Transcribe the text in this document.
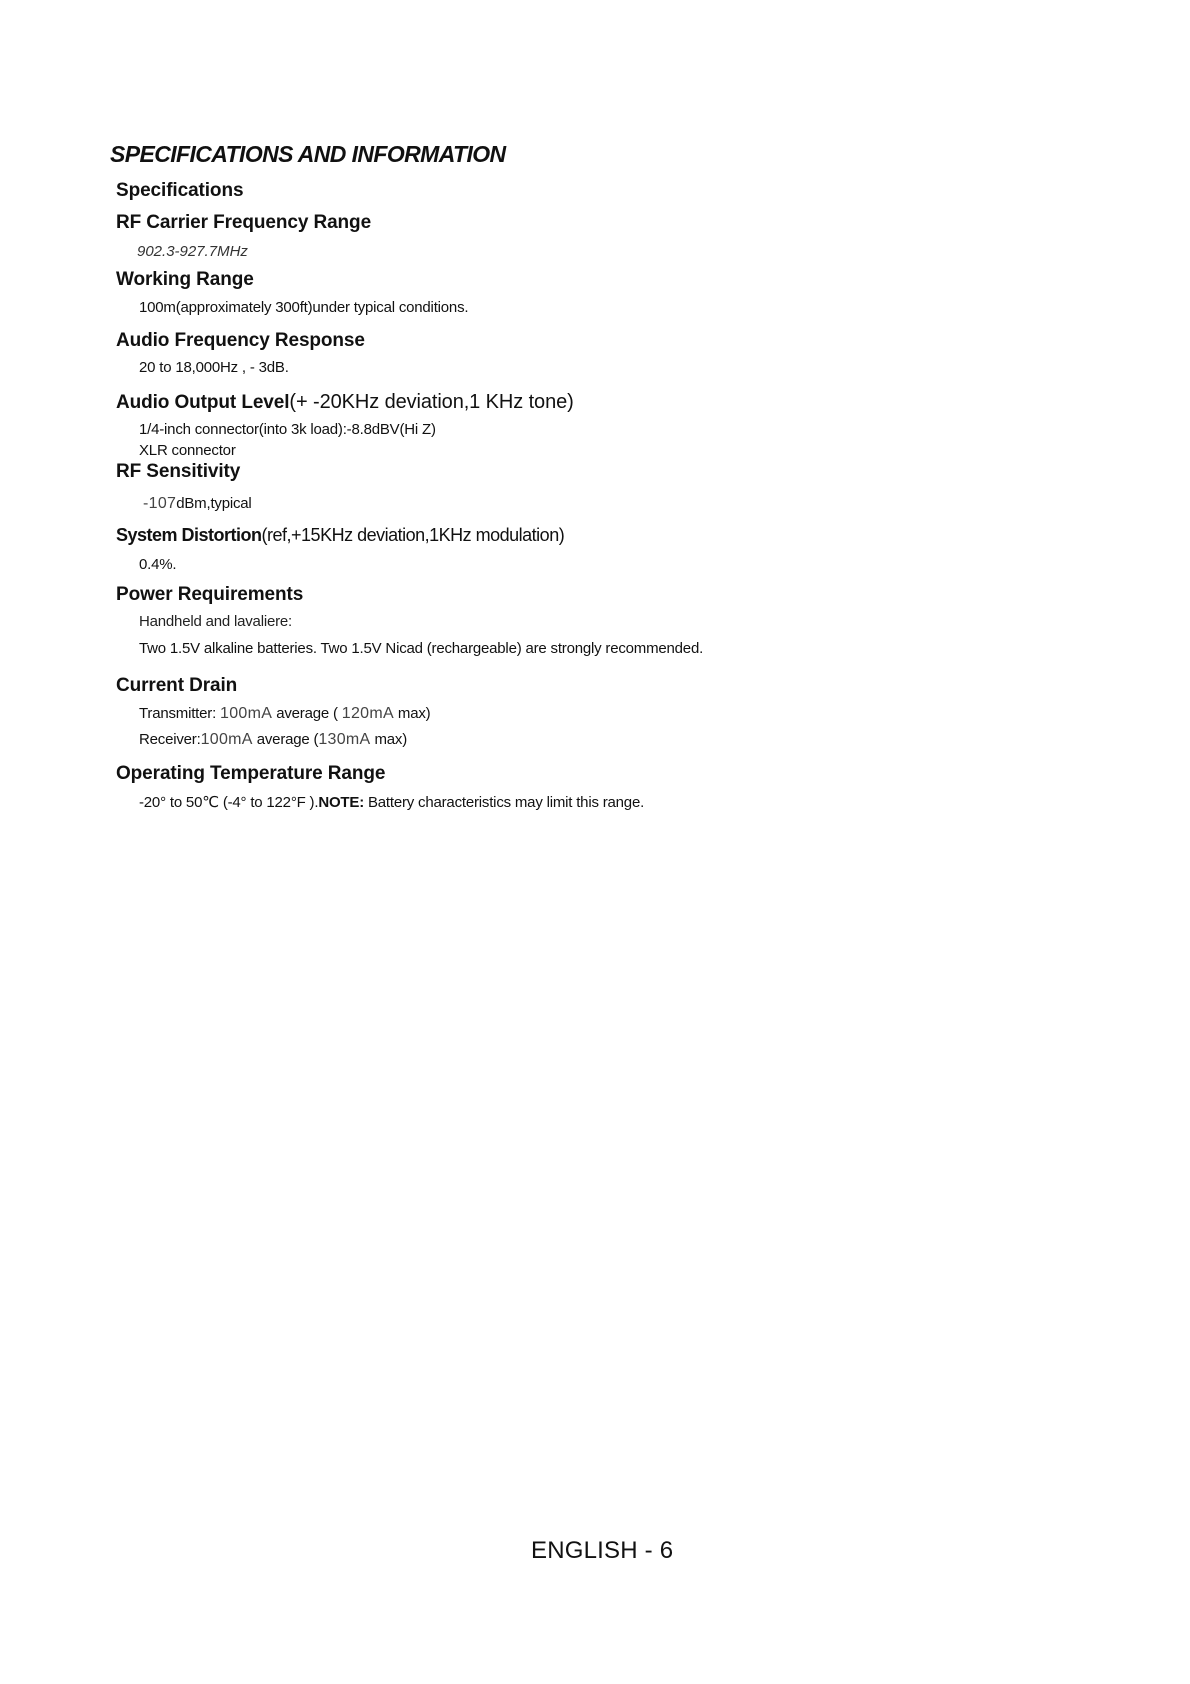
SPECIFICATIONS AND INFORMATION
Specifications
RF Carrier Frequency Range
902.3-927.7MHz
Working Range
100m(approximately 300ft)under typical conditions.
Audio Frequency Response
20 to 18,000Hz , - 3dB.
Audio Output Level(+ -20KHz deviation,1 KHz tone)
1/4-inch connector(into 3k load):-8.8dBV(Hi Z)
XLR connector
RF Sensitivity
-107dBm,typical
System Distortion(ref,+15KHz deviation,1KHz modulation)
0.4%.
Power Requirements
Handheld and lavaliere:
Two 1.5V alkaline batteries. Two 1.5V Nicad (rechargeable) are strongly recommended.
Current Drain
Transmitter: 100mA average ( 120mA max)
Receiver:100mA average (130mA max)
Operating Temperature Range
-20° to 50℃ (-4° to 122°F ).NOTE: Battery characteristics may limit this range.
ENGLISH - 6
